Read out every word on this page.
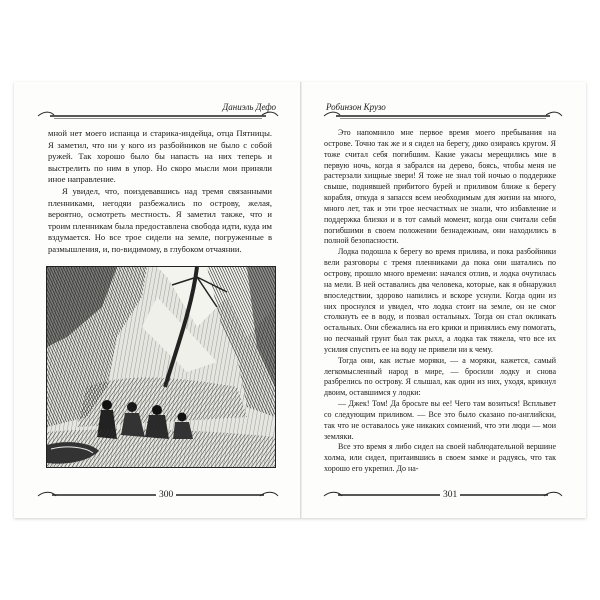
Даниэль Дефо

мной нет моего испанца и старика-индейца, отца Пятницы. Я заметил, что ни у кого из разбойников не было с собой ружей. Так хорошо было бы напасть на них теперь и выстрелить по ним в упор. Но скоро мысли мои приняли иное направление.

Я увидел, что, поиздевавшись над тремя связанными пленниками, негодяи разбежались по острову, желая, вероятно, осмотреть местность. Я заметил также, что и троим пленникам была предоставлена свобода идти, куда им вздумается. Но все трое сидели на земле, погруженные в размышления, и, по-видимому, в глубоком отчаянии.

300
Робинзон Крузо

Это напомнило мне первое время моего пребывания на острове. Точно так же и я сидел на берегу, дико озираясь кругом. Я тоже считал себя погибшим. Какие ужасы мерещились мне в первую ночь, когда я забрался на дерево, боясь, чтобы меня не растерзали хищные звери! Я тоже не знал той ночью о поддержке свыше, поднявшей прибитого бурей и приливом ближе к берегу корабля, откуда я запасся всем необходимым для жизни на много, много лет, так и эти трое несчастных не знали, что избавление и поддержка близки и в тот самый момент, когда они считали себя погибшими в своем положении безнадежным, они находились в полной безопасности.

Лодка подошла к берегу во время прилива, и пока разбойники вели разговоры с тремя пленниками да пока они шатались по острову, прошло много времени: начался отлив, и лодка очутилась на мели. В ней оставались два человека, которые, как я обнаружил впоследствии, здорово напились и вскоре уснули. Когда один из них проснулся и увидел, что лодка стоит на земле, он не смог столкнуть ее в воду, и позвал остальных. Тогда он стал окликать остальных. Они сбежались на его крики и принялись ему помогать, но песчаный грунт был так рыхл, а лодка так тяжела, что все их усилия спустить ее на воду не привели ни к чему.

Тогда они, как истые моряки, — а моряки, кажется, самый легкомысленный народ в мире, — бросили лодку и снова разбрелись по острову. Я слышал, как один из них, уходя, крикнул двоим, оставшимся у лодки:

— Джек! Том! Да бросьте вы ее! Чего там возиться! Всплывет со следующим приливом. — Все это было сказано по-английски, так что не оставалось уже никаких сомнений, что эти люди — мои земляки.

Все это время я либо сидел на своей наблюдательной вершине холма, или сидел, притаившись в своем замке и радуясь, что так хорошо его укрепил. До на-

301
